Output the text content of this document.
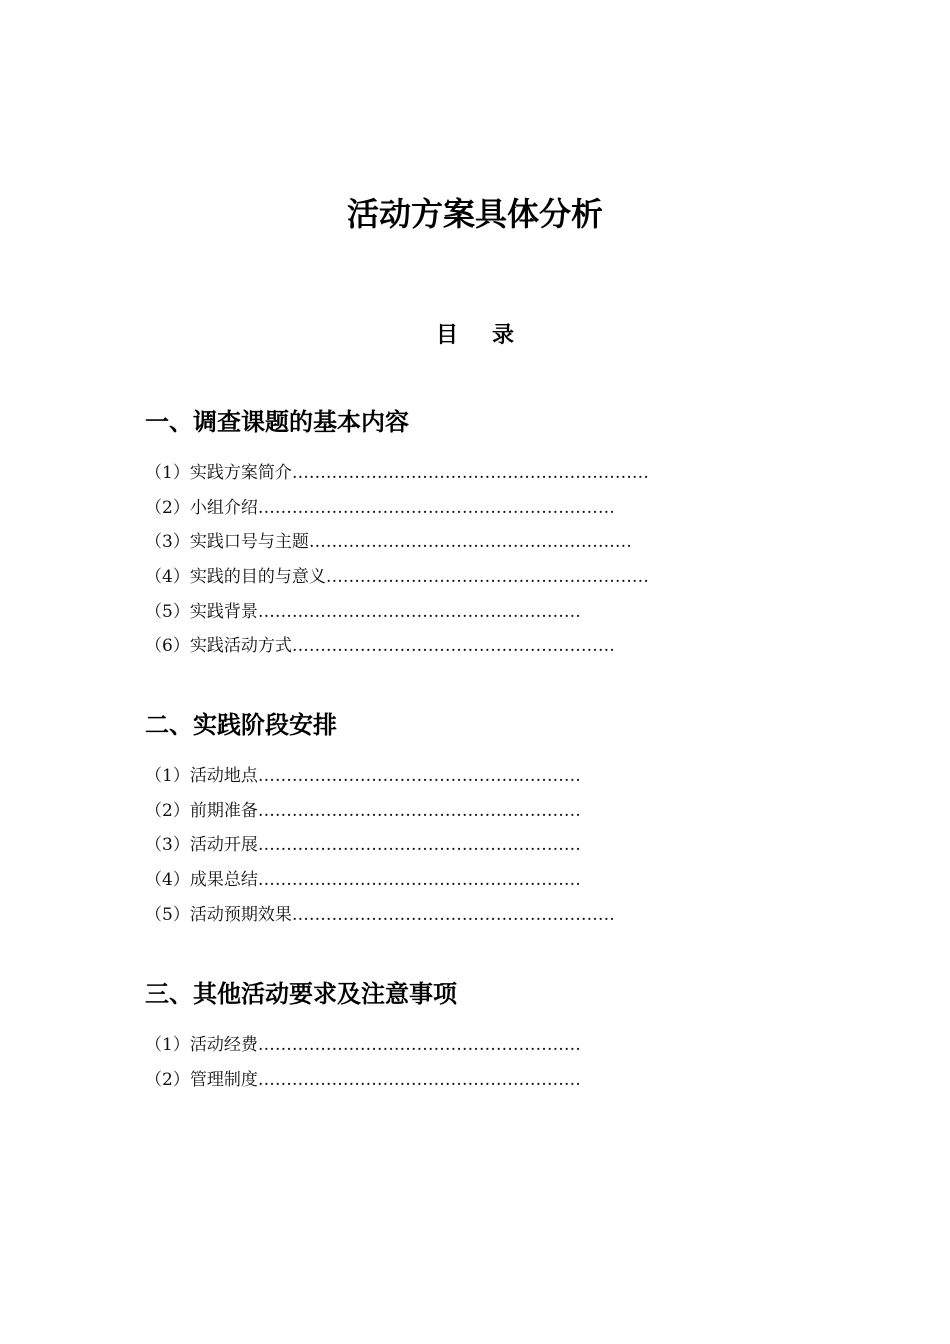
活动方案具体分析
目录
一、调查课题的基本内容
（1）实践方案简介………………………………………………………
（2）小组介绍………………………………………………………
（3）实践口号与主题…………………………………………………
（4）实践的目的与意义…………………………………………………
（5）实践背景…………………………………………………
（6）实践活动方式…………………………………………………
二、实践阶段安排
（1）活动地点…………………………………………………
（2）前期准备…………………………………………………
（3）活动开展…………………………………………………
（4）成果总结…………………………………………………
（5）活动预期效果…………………………………………………
三、其他活动要求及注意事项
（1）活动经费…………………………………………………
（2）管理制度…………………………………………………
